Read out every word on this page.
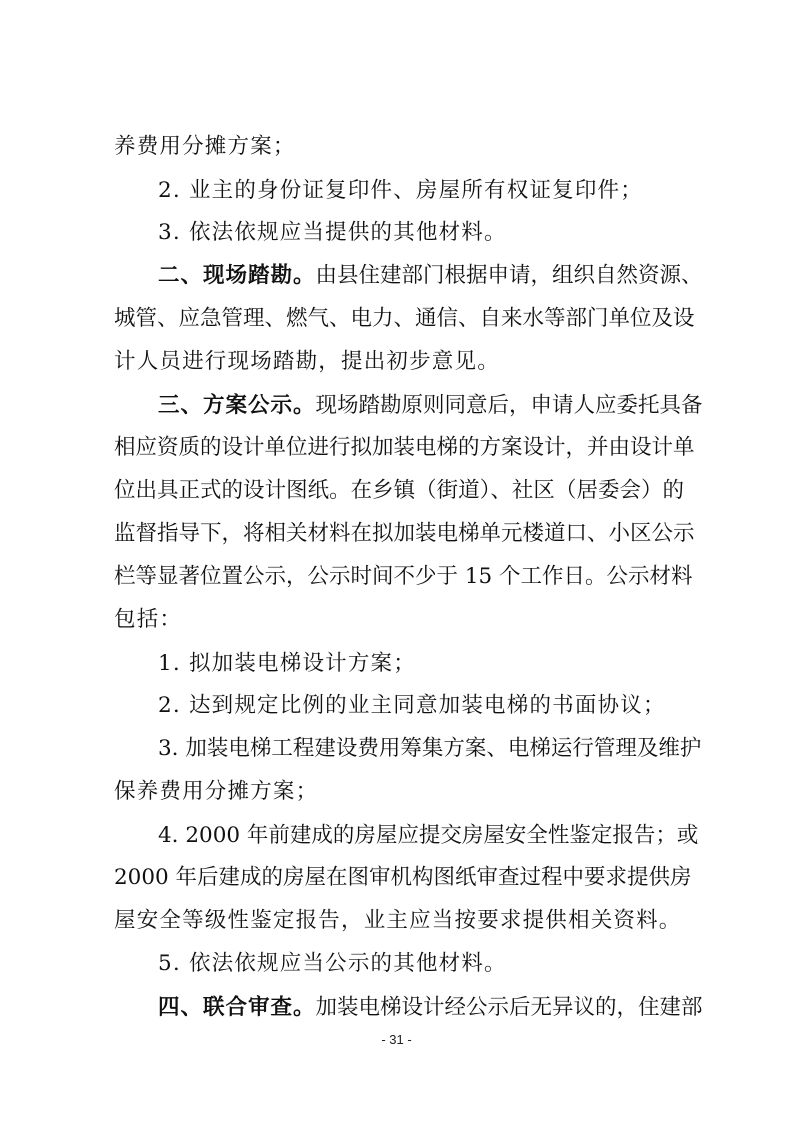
养费用分摊方案；
2. 业主的身份证复印件、房屋所有权证复印件；
3. 依法依规应当提供的其他材料。
二、现场踏勘。由县住建部门根据申请，组织自然资源、
城管、应急管理、燃气、电力、通信、自来水等部门单位及设
计人员进行现场踏勘，提出初步意见。
三、方案公示。现场踏勘原则同意后，申请人应委托具备
相应资质的设计单位进行拟加装电梯的方案设计，并由设计单
位出具正式的设计图纸。在乡镇（街道）、社区（居委会）的
监督指导下，将相关材料在拟加装电梯单元楼道口、小区公示
栏等显著位置公示，公示时间不少于 15 个工作日。公示材料
包括：
1. 拟加装电梯设计方案；
2. 达到规定比例的业主同意加装电梯的书面协议；
3. 加装电梯工程建设费用筹集方案、电梯运行管理及维护
保养费用分摊方案；
4. 2000 年前建成的房屋应提交房屋安全性鉴定报告；或
2000 年后建成的房屋在图审机构图纸审查过程中要求提供房
屋安全等级性鉴定报告，业主应当按要求提供相关资料。
5. 依法依规应当公示的其他材料。
四、联合审查。加装电梯设计经公示后无异议的，住建部
- 31 -
